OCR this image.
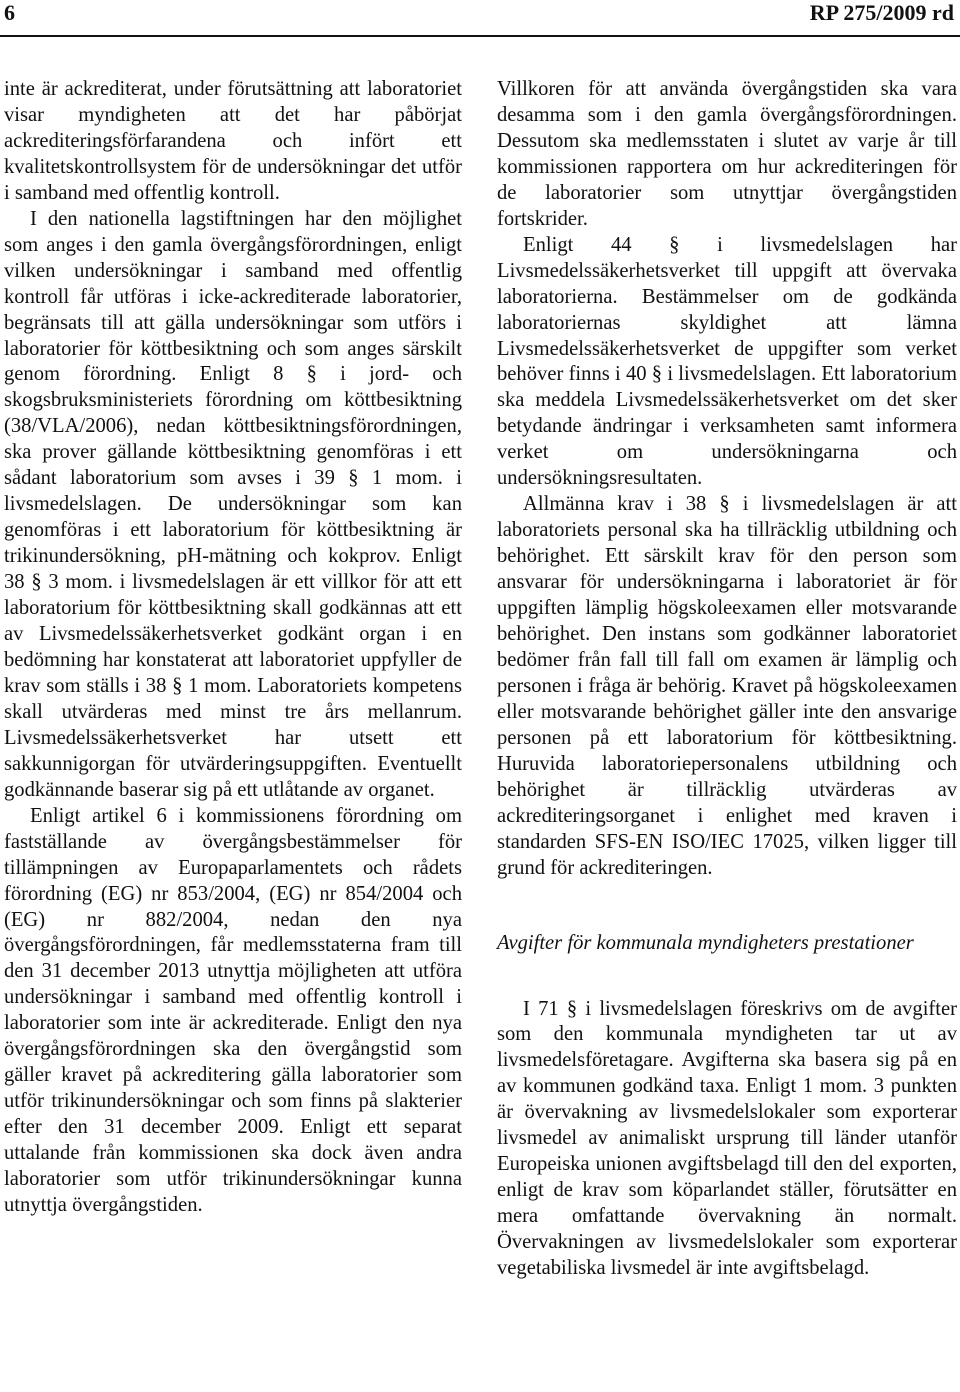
6	RP 275/2009 rd

inte är ackrediterat, under förutsättning att laboratoriet visar myndigheten att det har påbörjat ackrediteringsförfarandena och infört ett kvalitetskontrollsystem för de undersökningar det utför i samband med offentlig kontroll.

I den nationella lagstiftningen har den möjlighet som anges i den gamla övergångsförordningen, enligt vilken undersökningar i samband med offentlig kontroll får utföras i icke-ackrediterade laboratorier, begränsats till att gälla undersökningar som utförs i laboratorier för köttbesiktning och som anges särskilt genom förordning. Enligt 8 § i jord- och skogsbruksministeriets förordning om köttbesiktning (38/VLA/2006), nedan köttbesiktningsförordningen, ska prover gällande köttbesiktning genomföras i ett sådant laboratorium som avses i 39 § 1 mom. i livsmedelslagen. De undersökningar som kan genomföras i ett laboratorium för köttbesiktning är trikinundersökning, pH-mätning och kokprov. Enligt 38 § 3 mom. i livsmedelslagen är ett villkor för att ett laboratorium för köttbesiktning skall godkännas att ett av Livsmedelssäkerhetsverket godkänt organ i en bedömning har konstaterat att laboratoriet uppfyller de krav som ställs i 38 § 1 mom. Laboratoriets kompetens skall utvärderas med minst tre års mellanrum. Livsmedelssäkerhetsverket har utsett ett sakkunnigorgan för utvärderingsuppgiften. Eventuellt godkännande baserar sig på ett utlåtande av organet.

Enligt artikel 6 i kommissionens förordning om fastställande av övergångsbestämmelser för tillämpningen av Europaparlamentets och rådets förordning (EG) nr 853/2004, (EG) nr 854/2004 och (EG) nr 882/2004, nedan den nya övergångsförordningen, får medlemsstaterna fram till den 31 december 2013 utnyttja möjligheten att utföra undersökningar i samband med offentlig kontroll i laboratorier som inte är ackrediterade. Enligt den nya övergångsförordningen ska den övergångstid som gäller kravet på ackreditering gälla laboratorier som utför trikinundersökningar och som finns på slakterier efter den 31 december 2009. Enligt ett separat uttalande från kommissionen ska dock även andra laboratorier som utför trikinundersökningar kunna utnyttja övergångstiden.

Villkoren för att använda övergångstiden ska vara desamma som i den gamla övergångsförordningen. Dessutom ska medlemsstaten i slutet av varje år till kommissionen rapportera om hur ackrediteringen för de laboratorier som utnyttjar övergångstiden fortskrider.

Enligt 44 § i livsmedelslagen har Livsmedelssäkerhetsverket till uppgift att övervaka laboratorierna. Bestämmelser om de godkända laboratoriernas skyldighet att lämna Livsmedelssäkerhetsverket de uppgifter som verket behöver finns i 40 § i livsmedelslagen. Ett laboratorium ska meddela Livsmedelssäkerhetsverket om det sker betydande ändringar i verksamheten samt informera verket om undersökningarna och undersökningsresultaten.

Allmänna krav i 38 § i livsmedelslagen är att laboratoriets personal ska ha tillräcklig utbildning och behörighet. Ett särskilt krav för den person som ansvarar för undersökningarna i laboratoriet är för uppgiften lämplig högskoleexamen eller motsvarande behörighet. Den instans som godkänner laboratoriet bedömer från fall till fall om examen är lämplig och personen i fråga är behörig. Kravet på högskoleexamen eller motsvarande behörighet gäller inte den ansvarige personen på ett laboratorium för köttbesiktning. Huruvida laboratoriepersonalens utbildning och behörighet är tillräcklig utvärderas av ackrediteringsorganet i enlighet med kraven i standarden SFS-EN ISO/IEC 17025, vilken ligger till grund för ackrediteringen.

Avgifter för kommunala myndigheters prestationer

I 71 § i livsmedelslagen föreskrivs om de avgifter som den kommunala myndigheten tar ut av livsmedelsföretagare. Avgifterna ska basera sig på en av kommunen godkänd taxa. Enligt 1 mom. 3 punkten är övervakning av livsmedelslokaler som exporterar livsmedel av animaliskt ursprung till länder utanför Europeiska unionen avgiftsbelagd till den del exporten, enligt de krav som köparlandet ställer, förutsätter en mera omfattande övervakning än normalt. Övervakningen av livsmedelslokaler som exporterar vegetabiliska livsmedel är inte avgiftsbelagd.
